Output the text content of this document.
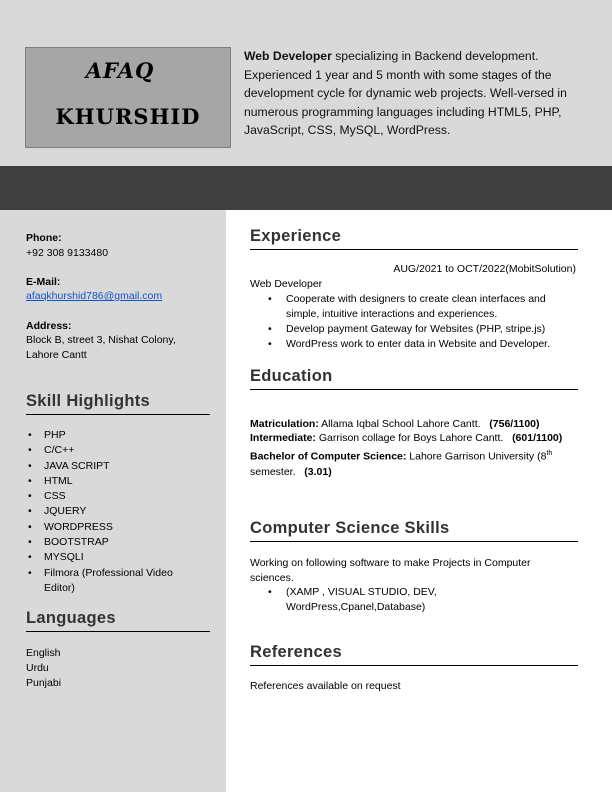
AFAQ
KHURSHID
Web Developer specializing in Backend development. Experienced 1 year and 5 month with some stages of the development cycle for dynamic web projects. Well-versed in numerous programming languages including HTML5, PHP, JavaScript, CSS, MySQL, WordPress.
Phone:
+92 308 9133480
E-Mail:
afaqkhurshid786@gmail.com
Address:
Block B, street 3, Nishat Colony,
Lahore Cantt
Skill Highlights
• PHP
• C/C++
• JAVA SCRIPT
• HTML
• CSS
• JQUERY
• WORDPRESS
• BOOTSTRAP
• MYSQLI
• Filmora (Professional Video Editor)
Languages
English
Urdu
Punjabi
Experience
AUG/2021 to OCT/2022(MobitSolution)
Web Developer
• Cooperate with designers to create clean interfaces and simple, intuitive interactions and experiences.
• Develop payment Gateway for Websites (PHP, stripe.js)
• WordPress work to enter data in Website and Developer.
Education
Matriculation: Allama Iqbal School Lahore Cantt. (756/1100)
Intermediate: Garrison collage for Boys Lahore Cantt. (601/1100)
Bachelor of Computer Science: Lahore Garrison University (8th
semester. (3.01)
Computer Science Skills
Working on following software to make Projects in Computer sciences.
• (XAMP , VISUAL STUDIO, DEV, WordPress,Cpanel,Database)
References
References available on request
